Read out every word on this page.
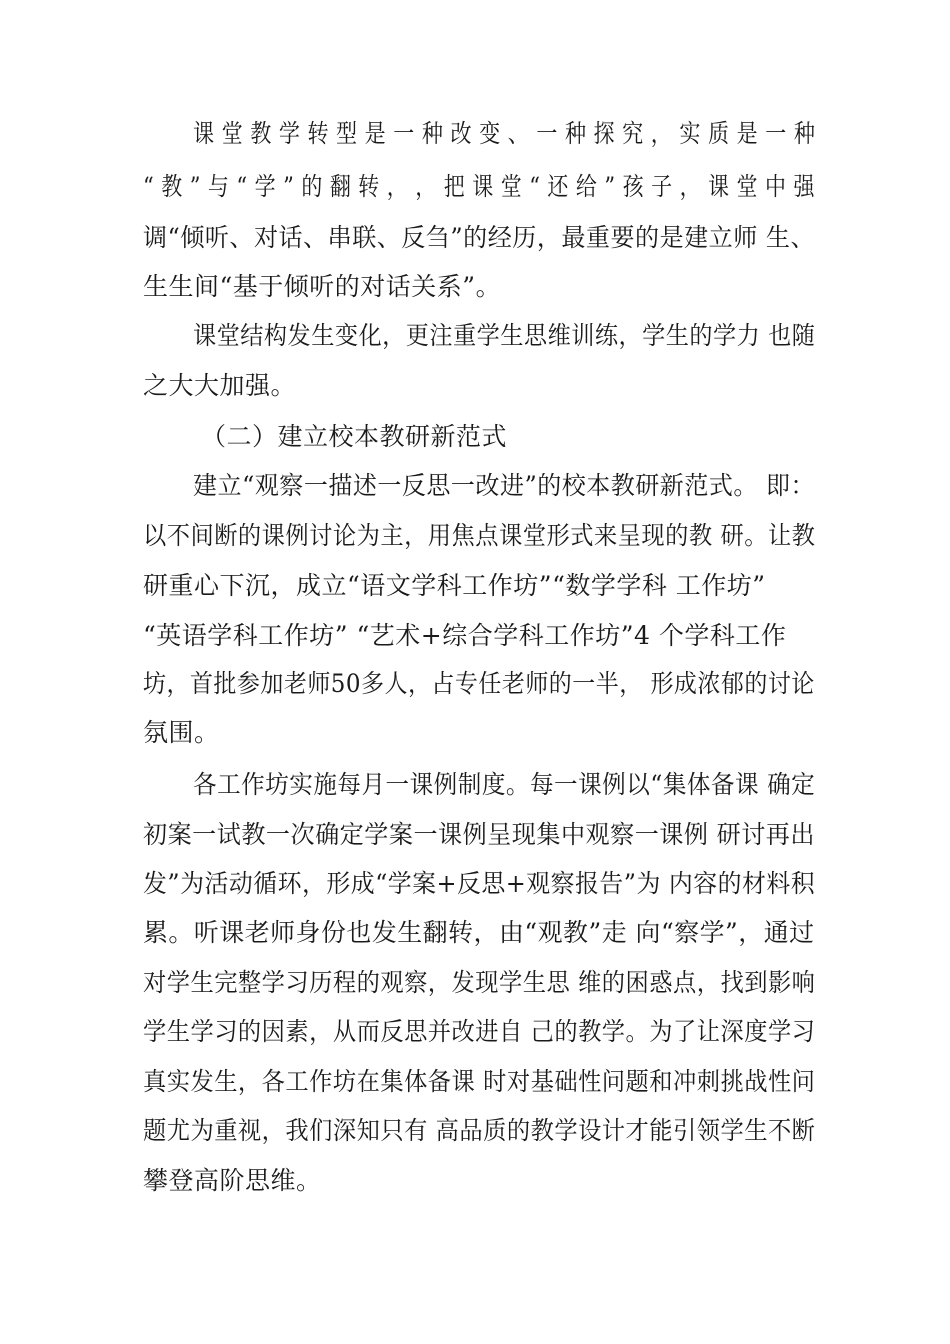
课 堂 教 学 转 型 是 一 种 改 变 、 一 种 探 究 ， 实 质 是 一 种
“ 教 ” 与 “ 学 ” 的 翻 转 ， ， 把 课 堂 “ 还 给 ” 孩 子 ， 课 堂 中 强
调“倾听、对话、串联、反刍”的经历，最重要的是建立师 生、
生生间“基于倾听的对话关系”。
课堂结构发生变化，更注重学生思维训练，学生的学力 也随
之大大加强。
（二）建立校本教研新范式
建立“观察一描述一反思一改进”的校本教研新范式。 即：
以不间断的课例讨论为主，用焦点课堂形式来呈现的教 研。让教
研重心下沉，成立“语文学科工作坊”“数学学科 工作坊”
“英语学科工作坊” “艺术+综合学科工作坊”4 个学科工作
坊，首批参加老师50多人，占专任老师的一半， 形成浓郁的讨论
氛围。
各工作坊实施每月一课例制度。每一课例以“集体备课 确定
初案一试教一次确定学案一课例呈现集中观察一课例 研讨再出
发”为活动循环，形成“学案+反思+观察报告”为 内容的材料积
累。听课老师身份也发生翻转，由“观教”走 向“察学”，通过
对学生完整学习历程的观察，发现学生思 维的困惑点，找到影响
学生学习的因素，从而反思并改进自 己的教学。为了让深度学习
真实发生，各工作坊在集体备课 时对基础性问题和冲刺挑战性问
题尤为重视，我们深知只有 高品质的教学设计才能引领学生不断
攀登高阶思维。
